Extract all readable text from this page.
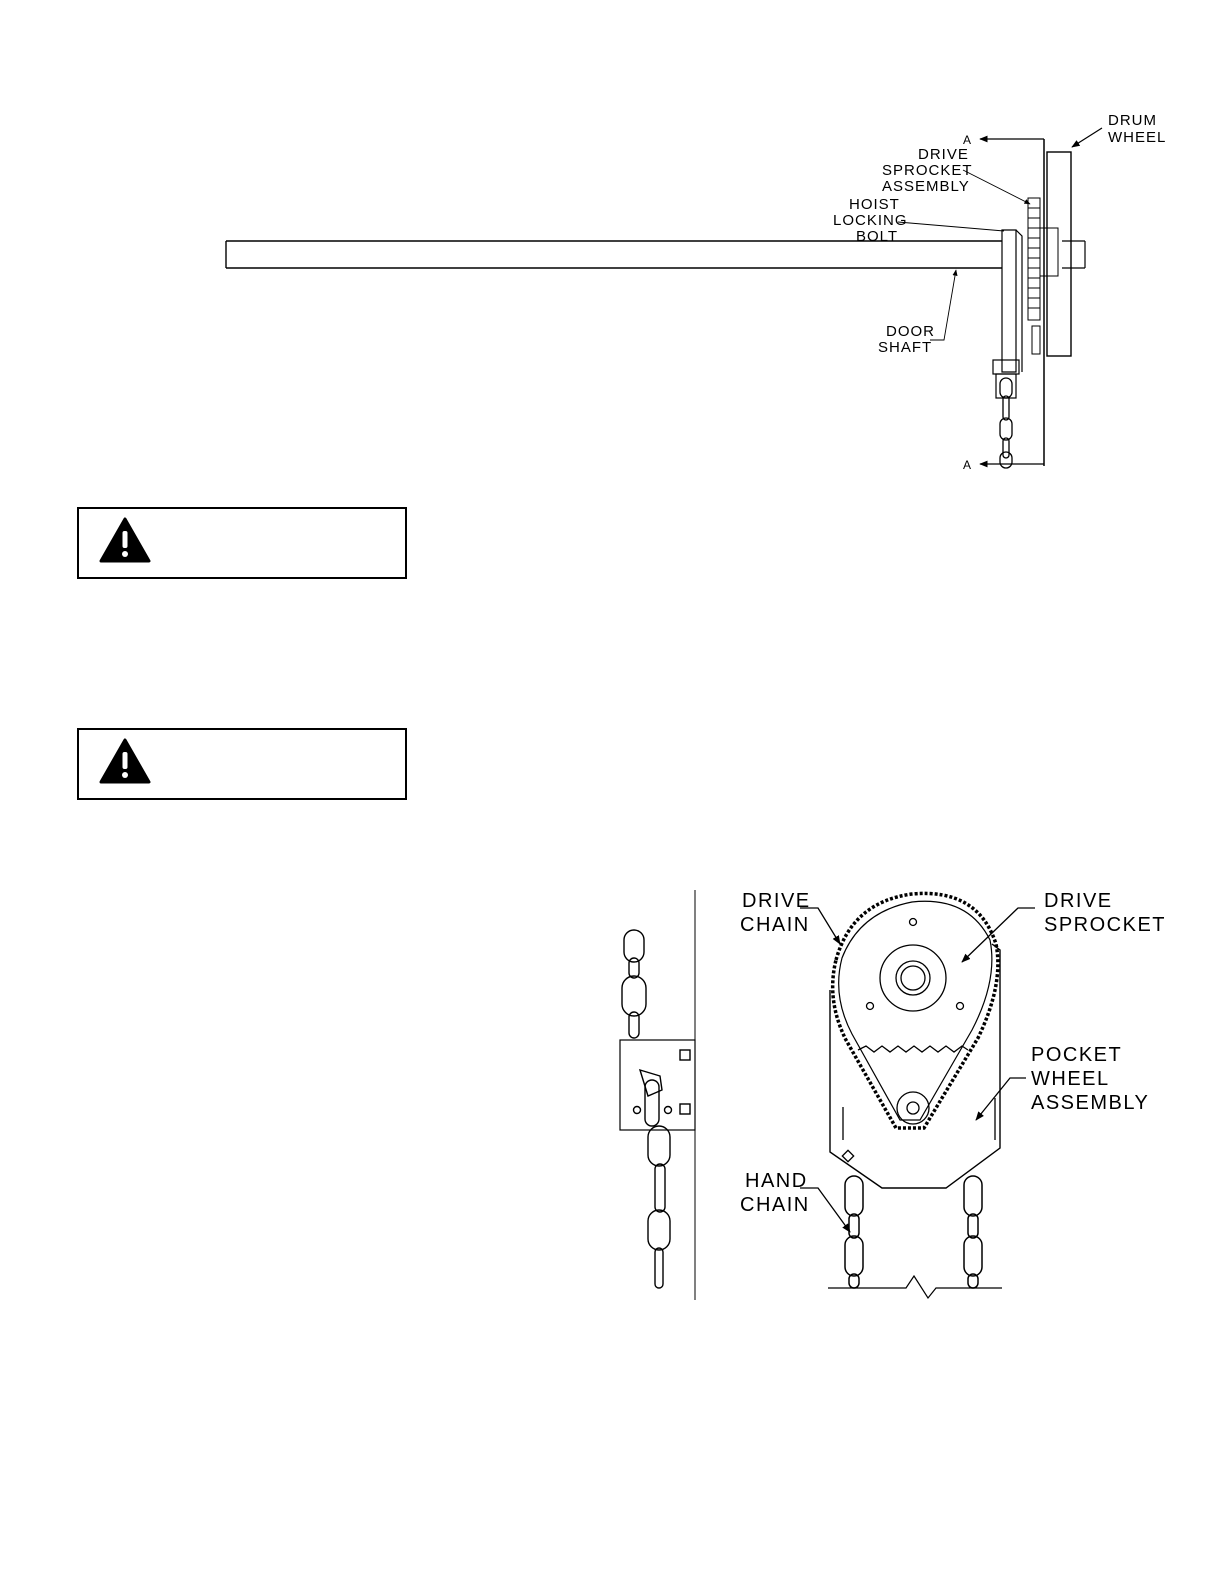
A
A
DRUM
WHEEL
DRIVE
SPROCKET
ASSEMBLY
HOIST
LOCKING
BOLT
DOOR
SHAFT
DRIVE
CHAIN
DRIVE
SPROCKET
POCKET
WHEEL
ASSEMBLY
HAND
CHAIN
